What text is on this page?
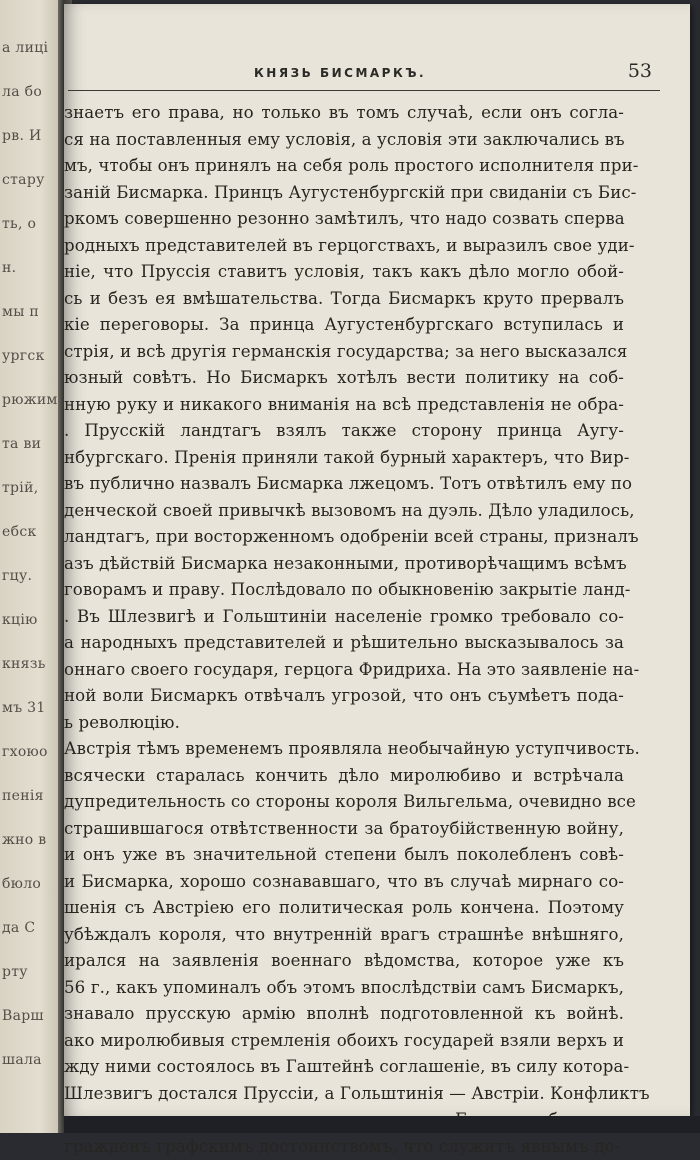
a лиці
ла бо
рв. И
стару
ть, о
н.
мы п
ургск
рюжим
та ви
трій,
ебск
гцу.
кцію
князь
мъ 31
гхоюо
пенія
жно в
бюло
да С
рту
Варш
шала
КНЯЗЬ БИСМАРКЪ.	53
знаетъ его права, но только въ томъ случаѣ, если онъ согла-
ся на поставленныя ему условія, а условія эти заключались въ
мъ, чтобы онъ принялъ на себя роль простого исполнителя при-
заній Бисмарка. Принцъ Аугустенбургскій при свиданіи съ Бис-
ркомъ совершенно резонно замѣтилъ, что надо созвать сперва
родныхъ представителей въ герцогствахъ, и выразилъ свое уди-
ніе, что Пруссія ставитъ условія, такъ какъ дѣло могло обой-
сь и безъ ея вмѣшательства. Тогда Бисмаркъ круто прервалъ
кіе переговоры. За принца Аугустенбургскаго вступилась и
стрія, и всѣ другія германскія государства; за него высказался
юзный совѣтъ. Но Бисмаркъ хотѣлъ вести политику на соб-
нную руку и никакого вниманія на всѣ представленія не обра-
. Прусскій ландтагъ взялъ также сторону принца Аугу-
нбургскаго. Пренія приняли такой бурный характеръ, что Вир-
въ публично назвалъ Бисмарка лжецомъ. Тотъ отвѣтилъ ему по
денческой своей привычкѣ вызовомъ на дуэль. Дѣло уладилось,
ландтагъ, при восторженномъ одобреніи всей страны, призналъ
азъ дѣйствій Бисмарка незаконными, противорѣчащимъ всѣмъ
говорамъ и праву. Послѣдовало по обыкновенію закрытіе ланд-
. Въ Шлезвигѣ и Гольштиніи населеніе громко требовало со-
а народныхъ представителей и рѣшительно высказывалось за
оннаго своего государя, герцога Фридриха. На это заявленіе на-
ной воли Бисмаркъ отвѣчалъ угрозой, что онъ съумѣетъ пода-
ь революцію.
Австрія тѣмъ временемъ проявляла необычайную уступчивость.
всячески старалась кончить дѣло миролюбиво и встрѣчала
дупредительность со стороны короля Вильгельма, очевидно все
страшившагося отвѣтственности за братоубійственную войну,
и онъ уже въ значительной степени былъ поколебленъ совѣ-
и Бисмарка, хорошо сознававшаго, что въ случаѣ мирнаго со-
шенія съ Австріею его политическая роль кончена. Поэтому
убѣждалъ короля, что внутренній врагъ страшнѣе внѣшняго,
ирался на заявленія военнаго вѣдомства, которое уже къ
56 г., какъ упоминалъ объ этомъ впослѣдствіи самъ Бисмаркъ,
знавало прусскую армію вполнѣ подготовленной къ войнѣ.
ако миролюбивыя стремленія обоихъ государей взяли верхъ и
жду ними состоялось въ Гаштейнѣ соглашеніе, въ силу котора-
Шлезвигъ достался Пруссіи, а Гольштинія — Австріи. Конфликтъ
гражденъ графскимъ достоинствомъ, что служитъ явнымъ до-
